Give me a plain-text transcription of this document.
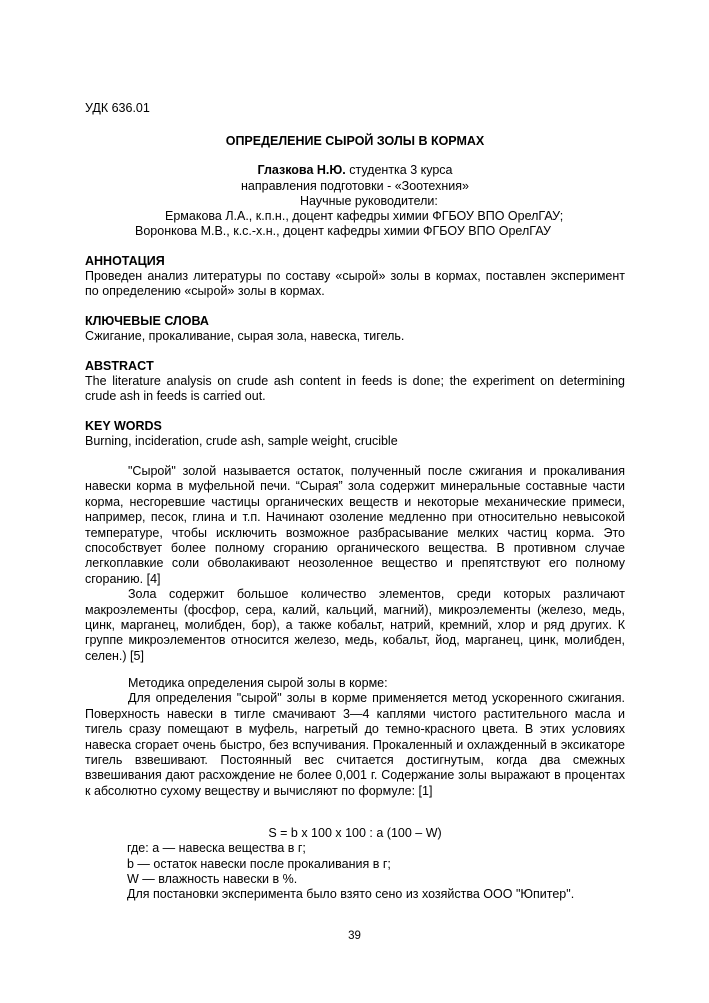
УДК 636.01
ОПРЕДЕЛЕНИЕ СЫРОЙ ЗОЛЫ В КОРМАХ
Глазкова Н.Ю. студентка 3 курса
направления подготовки - «Зоотехния»
Научные руководители:
Ермакова Л.А., к.п.н., доцент кафедры химии ФГБОУ ВПО ОрелГАУ;
Воронкова М.В., к.с.-х.н., доцент кафедры химии ФГБОУ ВПО ОрелГАУ
АННОТАЦИЯ
Проведен анализ литературы по составу «сырой» золы в кормах, поставлен эксперимент по определению «сырой» золы в кормах.
КЛЮЧЕВЫЕ СЛОВА
Сжигание, прокаливание, сырая зола, навеска, тигель.
ABSTRACT
The literature analysis on crude ash content in feeds is done; the experiment on determining crude ash in feeds is carried out.
KEY WORDS
Burning, incideration, crude ash, sample weight, crucible

"Сырой" золой называется остаток, полученный после сжигания и прокаливания навески корма в муфельной печи. “Сырая” зола содержит минеральные составные части корма, несгоревшие частицы органических веществ и некоторые механические примеси, например, песок, глина и т.п. Начинают озоление медленно при относительно невысокой температуре, чтобы исключить возможное разбрасывание мелких частиц корма. Это способствует более полному сгоранию органического вещества. В противном случае легкоплавкие соли обволакивают неозоленное вещество и препятствуют его полному сгоранию. [4]

Зола содержит большое количество элементов, среди которых различают макроэлементы (фосфор, сера, калий, кальций, магний), микроэлементы (железо, медь, цинк, марганец, молибден, бор), а также кобальт, натрий, кремний, хлор и ряд других. К группе микроэлементов относится железо, медь, кобальт, йод, марганец, цинк, молибден, селен.) [5]

Методика определения сырой золы в корме:

Для определения "сырой" золы в корме применяется метод ускоренного сжигания. Поверхность навески в тигле смачивают 3—4 каплями чистого растительного масла и тигель сразу помещают в муфель, нагретый до темно-красного цвета. В этих условиях навеска сгорает очень быстро, без вспучивания. Прокаленный и охлажденный в эксикаторе тигель взвешивают. Постоянный вес считается достигнутым, когда два смежных взвешивания дают расхождение не более 0,001 г. Содержание золы выражают в процентах к абсолютно сухому веществу и вычисляют по формуле: [1]

S = b x 100 x 100 : a (100 – W)
где: а — навеска вещества в г;
b — остаток навески после прокаливания в г;
W — влажность навески в %.
Для постановки эксперимента было взято сено из хозяйства ООО "Юпитер".
39
